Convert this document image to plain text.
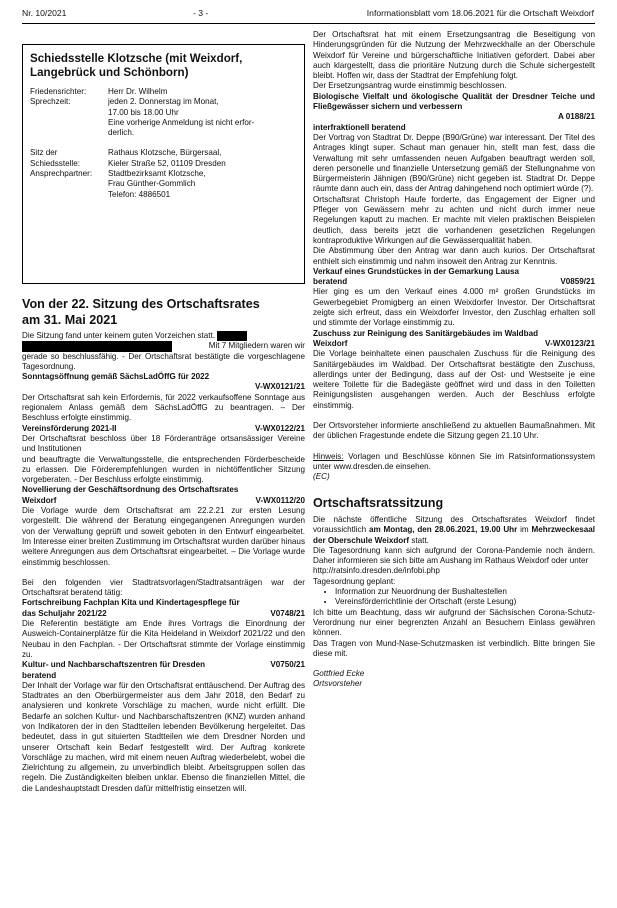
Nr. 10/2021	- 3 -	Informationsblatt vom 18.06.2021 für die Ortschaft Weixdorf
Schiedsstelle Klotzsche (mit Weixdorf,
Langebrück und Schönborn)
Friedensrichter:	Herr Dr. Wilhelm
Sprechzeit:	jeden 2. Donnerstag im Monat,
17.00 bis 18.00 Uhr
Eine vorherige Anmeldung ist nicht erfor-
derlich.
Sitz der
Schiedsstelle:
Rathaus Klotzsche, Bürgersaal,
Kieler Straße 52, 01109 Dresden
Ansprechpartner:	Stadtbezirksamt Klotzsche,
Frau Günther-Gommlich
Telefon: 4886501
Von der 22. Sitzung des Ortschaftsrates
am 31. Mai 2021

Die Sitzung fand unter keinem guten Vorzeichen statt.

Mit 7 Mitgliedern waren wir

gerade so beschlussfähig. - Der Ortschaftsrat bestätigte die vorgeschlagene Tagesordnung.

Sonntagsöffnung gemäß SächsLadÖffG für 2022

V-WX0121/21

Der Ortschaftsrat sah kein Erfordernis, für 2022 verkaufsoffene Sonntage aus regionalem Anlass gemäß dem SächsLadÖffG zu beantragen. – Der Beschluss erfolgte einstimmig.

Vereinsförderung 2021-II	V-WX0122/21

Der Ortschaftsrat beschloss über 18 Förderanträge ortsansässiger Vereine und Institutionen

und beauftragte die Verwaltungsstelle, die entsprechenden Förderbescheide zu erlassen. Die Förderempfehlungen wurden in nichtöffentlicher Sitzung vorgeberaten. - Der Beschluss erfolgte einstimmig.

Novellierung der Geschäftsordnung des Ortschaftsrates

Weixdorf	V-WX0112/20

Die Vorlage wurde dem Ortschaftsrat am 22.2.21 zur ersten Lesung vorgestellt. Die während der Beratung eingegangenen Anregungen wurden von der Verwaltung geprüft und soweit geboten in den Entwurf eingearbeitet. Im Interesse einer breiten Zustimmung im Ortschaftsrat wurden darüber hinaus weitere Anregungen aus dem Ortschaftsrat eingearbeitet. – Die Vorlage wurde einstimmig beschlossen.

Bei den folgenden vier Stadtratsvorlagen/Stadtratsanträgen war der Ortschaftsrat beratend tätig:

Fortschreibung Fachplan Kita und Kindertagespflege für

das Schuljahr 2021/22	V0748/21

Die Referentin bestätigte am Ende ihres Vortrags die Einordnung der Ausweich-Containerplätze für die Kita Heideland in Weixdorf 2021/22 und den Neubau in den Fachplan. - Der Ortschaftsrat stimmte der Vorlage einstimmig zu.

Kultur- und Nachbarschaftszentren für Dresden	V0750/21

beratend

Der Inhalt der Vorlage war für den Ortschaftsrat enttäuschend. Der Auftrag des Stadtrates an den Oberbürgermeister aus dem Jahr 2018, den Bedarf zu analysieren und konkrete Vorschläge zu machen, wurde nicht erfüllt. Die Bedarfe an solchen Kultur- und Nachbarschaftszentren (KNZ) wurden anhand von Indikatoren der in den Stadtteilen lebenden Bevölkerung hergeleitet. Das bedeutet, dass in gut situierten Stadtteilen wie dem Dresdner Norden und unserer Ortschaft kein Bedarf festgestellt wird. Der Auftrag konkrete Vorschläge zu machen, wird mit einem neuen Auftrag wiederbelebt, wobei die Zielrichtung zu allgemein, zu unverbindlich bleibt. Arbeitsgruppen sollen das regeln. Die Zuständigkeiten bleiben unklar. Ebenso die finanziellen Mittel, die die Landeshauptstadt Dresden dafür mittelfristig einsetzen will.

Der Ortschaftsrat hat mit einem Ersetzungsantrag die Beseitigung von Hinderungsgründen für die Nutzung der Mehrzweckhalle an der Oberschule Weixdorf für Vereine und bürgerschaftliche Initiativen gefordert. Dabei aber auch klargestellt, dass die prioritäre Nutzung durch die Schule sichergestellt bleibt. Hoffen wir, dass der Stadtrat der Empfehlung folgt.

Der Ersetzungsantrag wurde einstimmig beschlossen.

Biologische Vielfalt und ökologische Qualität der Dresdner Teiche und Fließgewässer sichern und verbessern

A 0188/21

interfraktionell beratend

Der Vortrag von Stadtrat Dr. Deppe (B90/Grüne) war interessant. Der Titel des Antrages klingt super. Schaut man genauer hin, stellt man fest, dass die Verwaltung mit sehr umfassenden neuen Aufgaben beauftragt werden soll, deren personelle und finanzielle Untersetzung gemäß der Stellungnahme von Bürgermeisterin Jähnigen (B90/Grüne) nicht gegeben ist. Stadtrat Dr. Deppe räumte dann auch ein, dass der Antrag dahingehend noch optimiert würde (?).

Ortschaftsrat Christoph Haufe forderte, das Engagement der Eigner und Pfleger von Gewässern mehr zu achten und nicht durch immer neue Regelungen kaputt zu machen. Er machte mit vielen praktischen Beispielen deutlich, dass bereits jetzt die vorhandenen gesetzlichen Regelungen kontraproduktive Wirkungen auf die Gewässerqualität haben.

Die Abstimmung über den Antrag war dann auch kurios. Der Ortschaftsrat enthielt sich einstimmig und nahm insoweit den Antrag zur Kenntnis.

Verkauf eines Grundstückes in der Gemarkung Lausa

beratend	V0859/21

Hier ging es um den Verkauf eines 4.000 m² großen Grundstücks im Gewerbegebiet Promigberg an einen Weixdorfer Investor. Der Ortschaftsrat zeigte sich erfreut, dass ein Weixdorfer Investor, den Zuschlag erhalten soll und stimmte der Vorlage einstimmig zu.

Zuschuss zur Reinigung des Sanitärgebäudes im Waldbad

Weixdorf	V-WX0123/21

Die Vorlage beinhaltete einen pauschalen Zuschuss für die Reinigung des Sanitärgebäudes im Waldbad. Der Ortschaftsrat bestätigte den Zuschuss, allerdings unter der Bedingung, dass auf der Ost- und Westseite je eine weitere Toilette für die Badegäste geöffnet wird und dass in den Toiletten Reinigungslisten ausgehangen werden. Auch der Beschluss erfolgte einstimmig.

Der Ortsvorsteher informierte anschließend zu aktuellen Baumaßnahmen. Mit der üblichen Fragestunde endete die Sitzung gegen 21.10 Uhr.

Hinweis: Vorlagen und Beschlüsse können Sie im Ratsinformationssystem unter www.dresden.de einsehen.

(EC)

Ortschaftsratssitzung

Die nächste öffentliche Sitzung des Ortschaftsrates Weixdorf findet voraussichtlich am Montag, den 28.06.2021, 19.00 Uhr im Mehrzweckesaal der Oberschule Weixdorf statt.

Die Tagesordnung kann sich aufgrund der Corona-Pandemie noch ändern. Daher informieren sie sich bitte am Aushang im Rathaus Weixdorf oder unter

http://ratsinfo.dresden.de/infobi.php

Tagesordnung geplant:

• Information zur Neuordnung der Bushaltestellen
• Vereinsförderrichtlinie der Ortschaft (erste Lesung)

Ich bitte um Beachtung, dass wir aufgrund der Sächsischen Corona-Schutz-Verordnung nur einer begrenzten Anzahl an Besuchern Einlass gewähren können.

Das Tragen von Mund-Nase-Schutzmasken ist verbindlich. Bitte bringen Sie diese mit.

Gottfried Ecke

Ortsvorsteher
